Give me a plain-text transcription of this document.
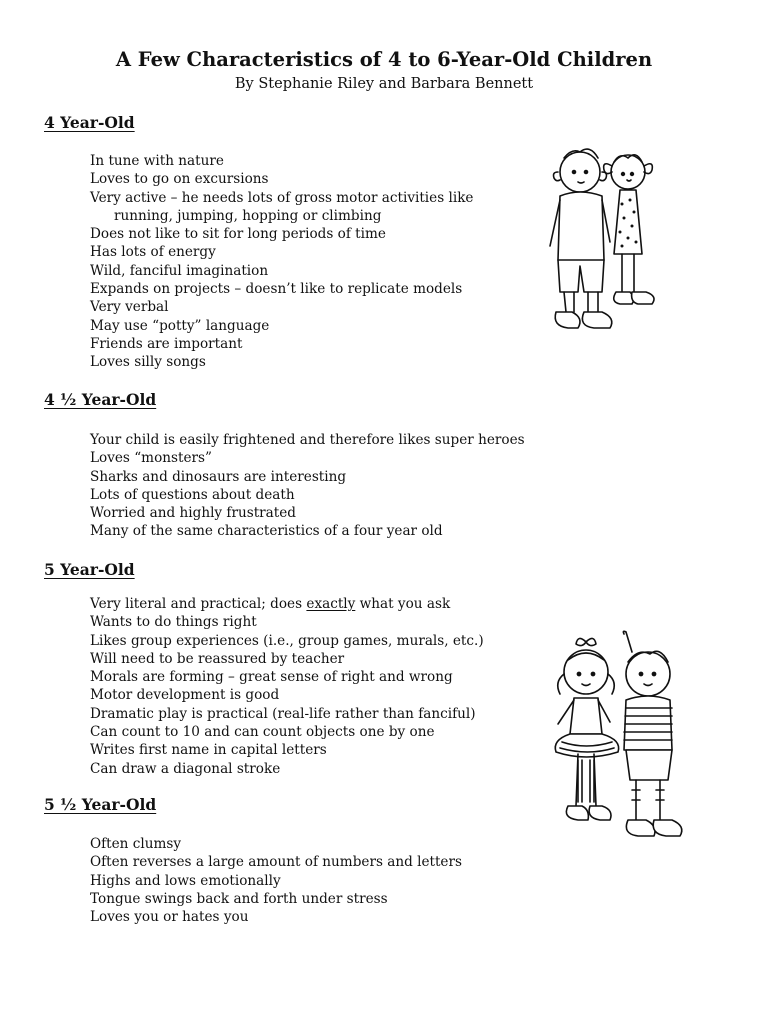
A Few Characteristics of 4 to 6-Year-Old Children
By Stephanie Riley and Barbara Bennett
4 Year-Old
In tune with nature
Loves to go on excursions
Very active – he needs lots of gross motor activities like
running, jumping, hopping or climbing
Does not like to sit for long periods of time
Has lots of energy
Wild, fanciful imagination
Expands on projects – doesn’t like to replicate models
Very verbal
May use “potty” language
Friends are important
Loves silly songs
4 ½ Year-Old
Your child is easily frightened and therefore likes super heroes
Loves “monsters”
Sharks and dinosaurs are interesting
Lots of questions about death
Worried and highly frustrated
Many of the same characteristics of a four year old
5 Year-Old
Very literal and practical; does exactly what you ask
Wants to do things right
Likes group experiences (i.e., group games, murals, etc.)
Will need to be reassured by teacher
Morals are forming – great sense of right and wrong
Motor development is good
Dramatic play is practical (real-life rather than fanciful)
Can count to 10 and can count objects one by one
Writes first name in capital letters
Can draw a diagonal stroke
5 ½ Year-Old
Often clumsy
Often reverses a large amount of numbers and letters
Highs and lows emotionally
Tongue swings back and forth under stress
Loves you or hates you
